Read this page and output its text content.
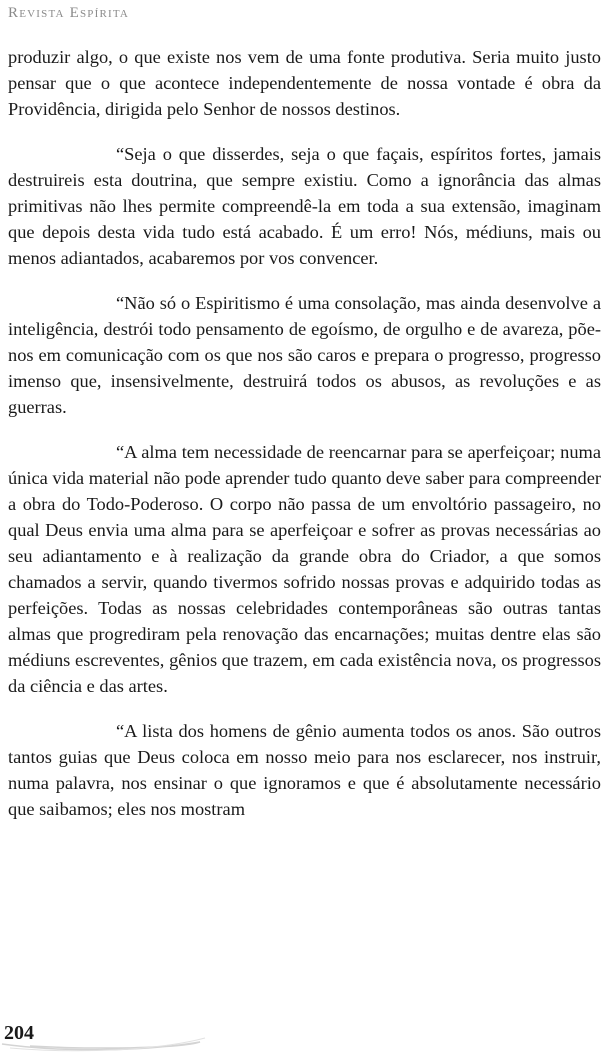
Revista Espírita

produzir algo, o que existe nos vem de uma fonte produtiva. Seria muito justo pensar que o que acontece independentemente de nossa vontade é obra da Providência, dirigida pelo Senhor de nossos destinos.

“Seja o que disserdes, seja o que façais, espíritos fortes, jamais destruireis esta doutrina, que sempre existiu. Como a ignorância das almas primitivas não lhes permite compreendê-la em toda a sua extensão, imaginam que depois desta vida tudo está acabado. É um erro! Nós, médiuns, mais ou menos adiantados, acabaremos por vos convencer.

“Não só o Espiritismo é uma consolação, mas ainda desenvolve a inteligência, destrói todo pensamento de egoísmo, de orgulho e de avareza, põe-nos em comunicação com os que nos são caros e prepara o progresso, progresso imenso que, insensivelmente, destruirá todos os abusos, as revoluções e as guerras.

“A alma tem necessidade de reencarnar para se aperfeiçoar; numa única vida material não pode aprender tudo quanto deve saber para compreender a obra do Todo-Poderoso. O corpo não passa de um envoltório passageiro, no qual Deus envia uma alma para se aperfeiçoar e sofrer as provas necessárias ao seu adiantamento e à realização da grande obra do Criador, a que somos chamados a servir, quando tivermos sofrido nossas provas e adquirido todas as perfeições. Todas as nossas celebridades contemporâneas são outras tantas almas que progrediram pela renovação das encarnações; muitas dentre elas são médiuns escreventes, gênios que trazem, em cada existência nova, os progressos da ciência e das artes.

“A lista dos homens de gênio aumenta todos os anos. São outros tantos guias que Deus coloca em nosso meio para nos esclarecer, nos instruir, numa palavra, nos ensinar o que ignoramos e que é absolutamente necessário que saibamos; eles nos mostram

204
